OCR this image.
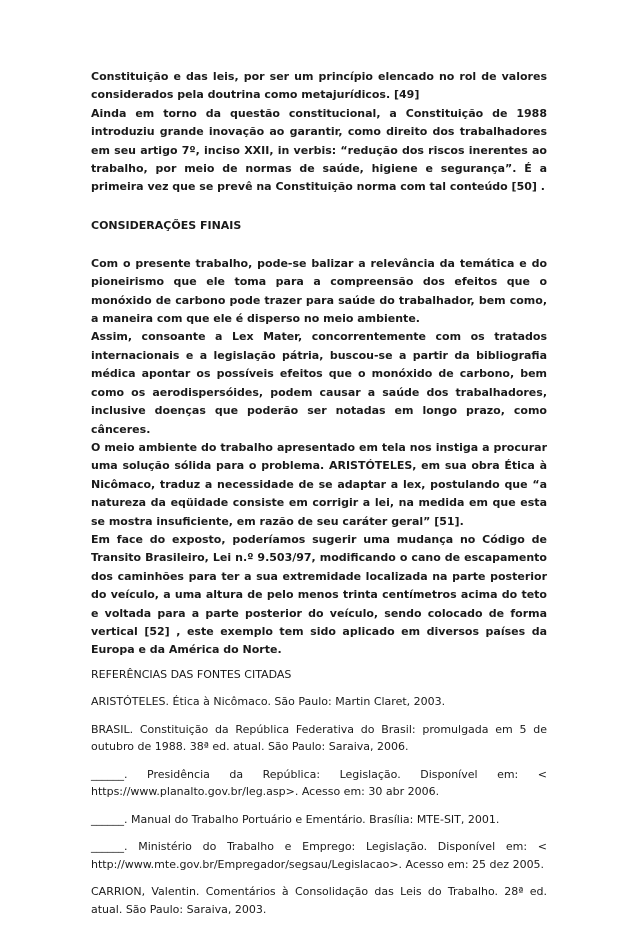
Constituição e das leis, por ser um princípio elencado no rol de valores considerados pela doutrina como metajurídicos. [49]

Ainda em torno da questão constitucional, a Constituição de 1988 introduziu grande inovação ao garantir, como direito dos trabalhadores em seu artigo 7º, inciso XXII, in verbis: “redução dos riscos inerentes ao trabalho, por meio de normas de saúde, higiene e segurança”. É a primeira vez que se prevê na Constituição norma com tal conteúdo [50] .

CONSIDERAÇÕES FINAIS

Com o presente trabalho, pode-se balizar a relevância da temática e do pioneirismo que ele toma para a compreensão dos efeitos que o monóxido de carbono pode trazer para saúde do trabalhador, bem como, a maneira com que ele é disperso no meio ambiente.

Assim, consoante a Lex Mater, concorrentemente com os tratados internacionais e a legislação pátria, buscou-se a partir da bibliografia médica apontar os possíveis efeitos que o monóxido de carbono, bem como os aerodispersóides, podem causar a saúde dos trabalhadores, inclusive doenças que poderão ser notadas em longo prazo, como cânceres.

O meio ambiente do trabalho apresentado em tela nos instiga a procurar uma solução sólida para o problema. ARISTÓTELES, em sua obra Ética à Nicômaco, traduz a necessidade de se adaptar a lex, postulando que “a natureza da eqüidade consiste em corrigir a lei, na medida em que esta se mostra insuficiente, em razão de seu caráter geral” [51].

Em face do exposto, poderíamos sugerir uma mudança no Código de Transito Brasileiro, Lei n.º 9.503/97, modificando o cano de escapamento dos caminhões para ter a sua extremidade localizada na parte posterior do veículo, a uma altura de pelo menos trinta centímetros acima do teto e voltada para a parte posterior do veículo, sendo colocado de forma vertical [52] , este exemplo tem sido aplicado em diversos países da Europa e da América do Norte.

REFERÊNCIAS DAS FONTES CITADAS

ARISTÓTELES. Ética à Nicômaco. São Paulo: Martin Claret, 2003.

BRASIL. Constituição da República Federativa do Brasil: promulgada em 5 de outubro de 1988. 38ª ed. atual. São Paulo: Saraiva, 2006.

______. Presidência da República: Legislação. Disponível em: < https://www.planalto.gov.br/leg.asp>. Acesso em: 30 abr 2006.

______. Manual do Trabalho Portuário e Ementário. Brasília: MTE-SIT, 2001.

______. Ministério do Trabalho e Emprego: Legislação. Disponível em: < http://www.mte.gov.br/Empregador/segsau/Legislacao>. Acesso em: 25 dez 2005.

CARRION, Valentin. Comentários à Consolidação das Leis do Trabalho. 28ª ed. atual. São Paulo: Saraiva, 2003.
